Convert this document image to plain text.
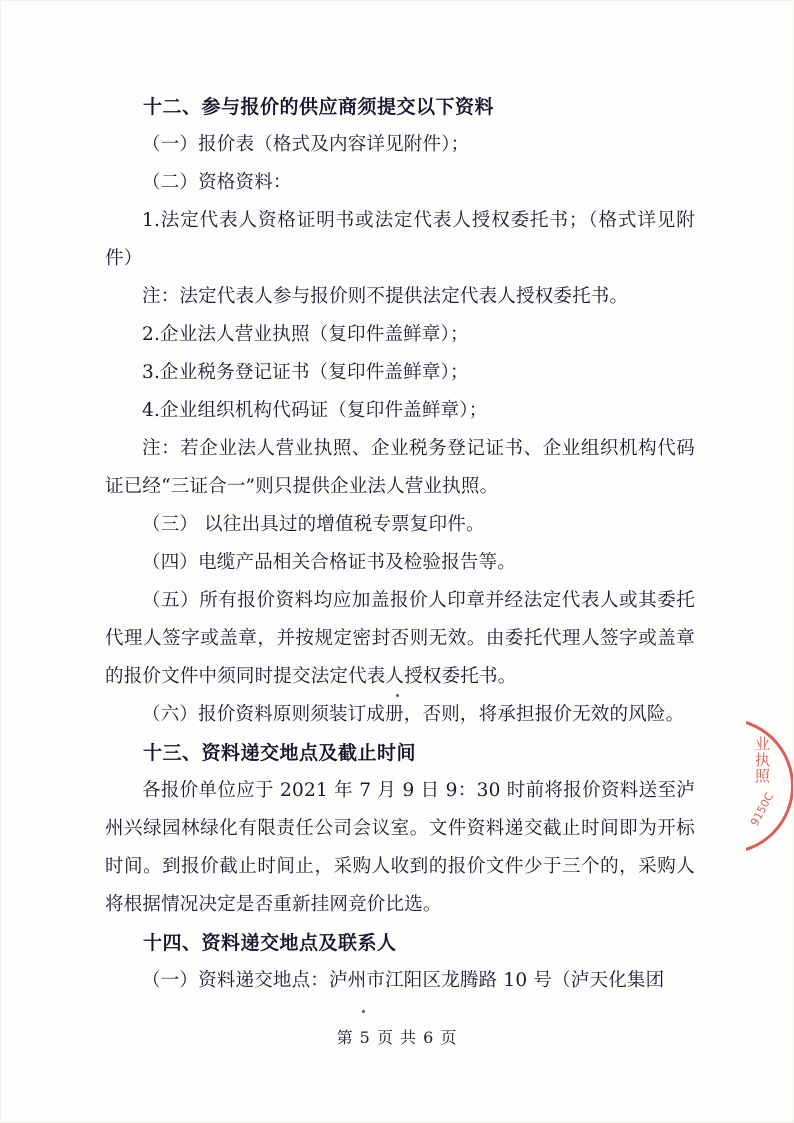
十二、参与报价的供应商须提交以下资料

（一）报价表（格式及内容详见附件）；

（二）资格资料：

1.法定代表人资格证明书或法定代表人授权委托书；（格式详见附件）

注：法定代表人参与报价则不提供法定代表人授权委托书。

2.企业法人营业执照（复印件盖鲜章）；

3.企业税务登记证书（复印件盖鲜章）；

4.企业组织机构代码证（复印件盖鲜章）；

注：若企业法人营业执照、企业税务登记证书、企业组织机构代码证已经“三证合一”则只提供企业法人营业执照。

（三） 以往出具过的增值税专票复印件。

（四）电缆产品相关合格证书及检验报告等。

（五）所有报价资料均应加盖报价人印章并经法定代表人或其委托代理人签字或盖章，并按规定密封否则无效。由委托代理人签字或盖章的报价文件中须同时提交法定代表人授权委托书。

（六）报价资料原则须装订成册，否则，将承担报价无效的风险。

十三、资料递交地点及截止时间

各报价单位应于 2021 年 7 月 9 日 9：30 时前将报价资料送至泸州兴绿园林绿化有限责任公司会议室。文件资料递交截止时间即为开标时间。到报价截止时间止，采购人收到的报价文件少于三个的，采购人将根据情况决定是否重新挂网竞价比选。

十四、资料递交地点及联系人

（一）资料递交地点：泸州市江阳区龙腾路 10 号（泸天化集团

业执照
9150C
第 5 页 共 6 页
